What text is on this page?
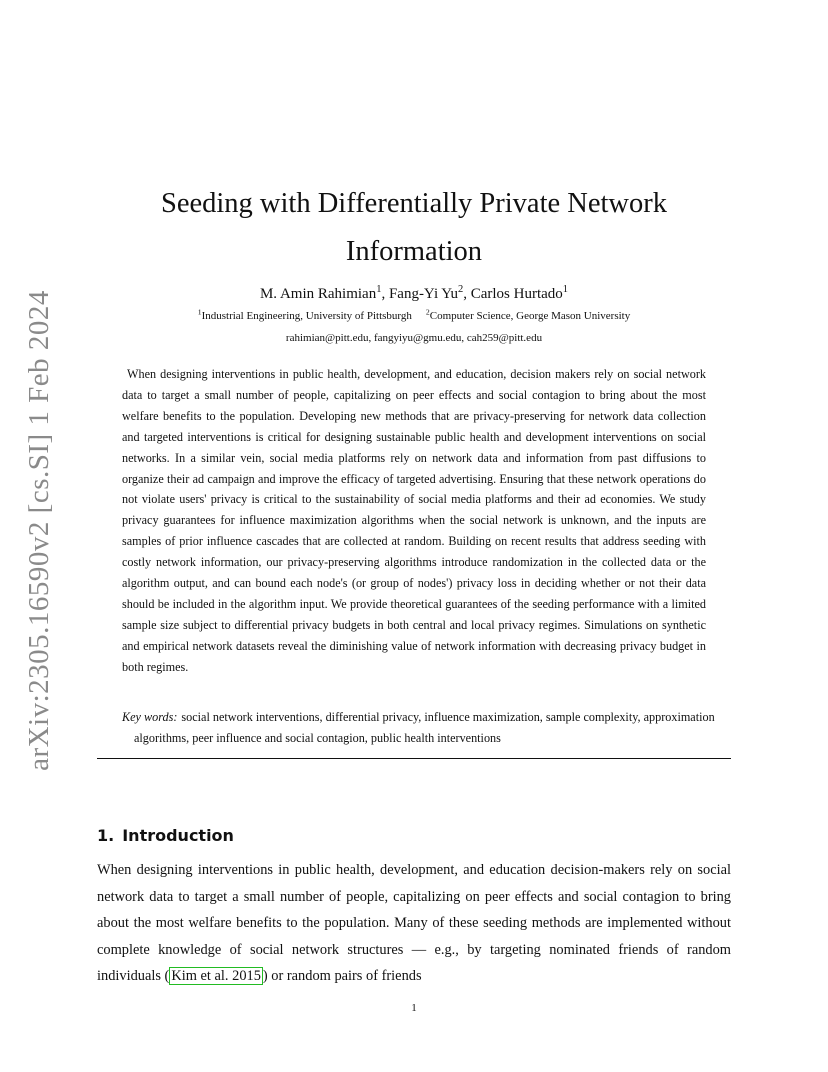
arXiv:2305.16590v2 [cs.SI] 1 Feb 2024
Seeding with Differentially Private Network Information
M. Amin Rahimian$^1$, Fang-Yi Yu$^2$, Carlos Hurtado$^1$
$^1$Industrial Engineering, University of Pittsburgh $^2$Computer Science, George Mason University
rahimian@pitt.edu, fangyiyu@gmu.edu, cah259@pitt.edu

When designing interventions in public health, development, and education, decision makers rely on social network data to target a small number of people, capitalizing on peer effects and social contagion to bring about the most welfare benefits to the population. Developing new methods that are privacy-preserving for network data collection and targeted interventions is critical for designing sustainable public health and development interventions on social networks. In a similar vein, social media platforms rely on network data and information from past diffusions to organize their ad campaign and improve the efficacy of targeted advertising. Ensuring that these network operations do not violate users' privacy is critical to the sustainability of social media platforms and their ad economies. We study privacy guarantees for influence maximization algorithms when the social network is unknown, and the inputs are samples of prior influence cascades that are collected at random. Building on recent results that address seeding with costly network information, our privacy-preserving algorithms introduce randomization in the collected data or the algorithm output, and can bound each node's (or group of nodes') privacy loss in deciding whether or not their data should be included in the algorithm input. We provide theoretical guarantees of the seeding performance with a limited sample size subject to differential privacy budgets in both central and local privacy regimes. Simulations on synthetic and empirical network datasets reveal the diminishing value of network information with decreasing privacy budget in both regimes.

Key words: social network interventions, differential privacy, influence maximization, sample complexity, approximation algorithms, peer influence and social contagion, public health interventions

1. Introduction

When designing interventions in public health, development, and education decision-makers rely on social network data to target a small number of people, capitalizing on peer effects and social contagion to bring about the most welfare benefits to the population. Many of these seeding methods are implemented without complete knowledge of social network structures — e.g., by targeting nominated friends of random individuals ( Kim et al. 2015 ) or random pairs of friends

1
